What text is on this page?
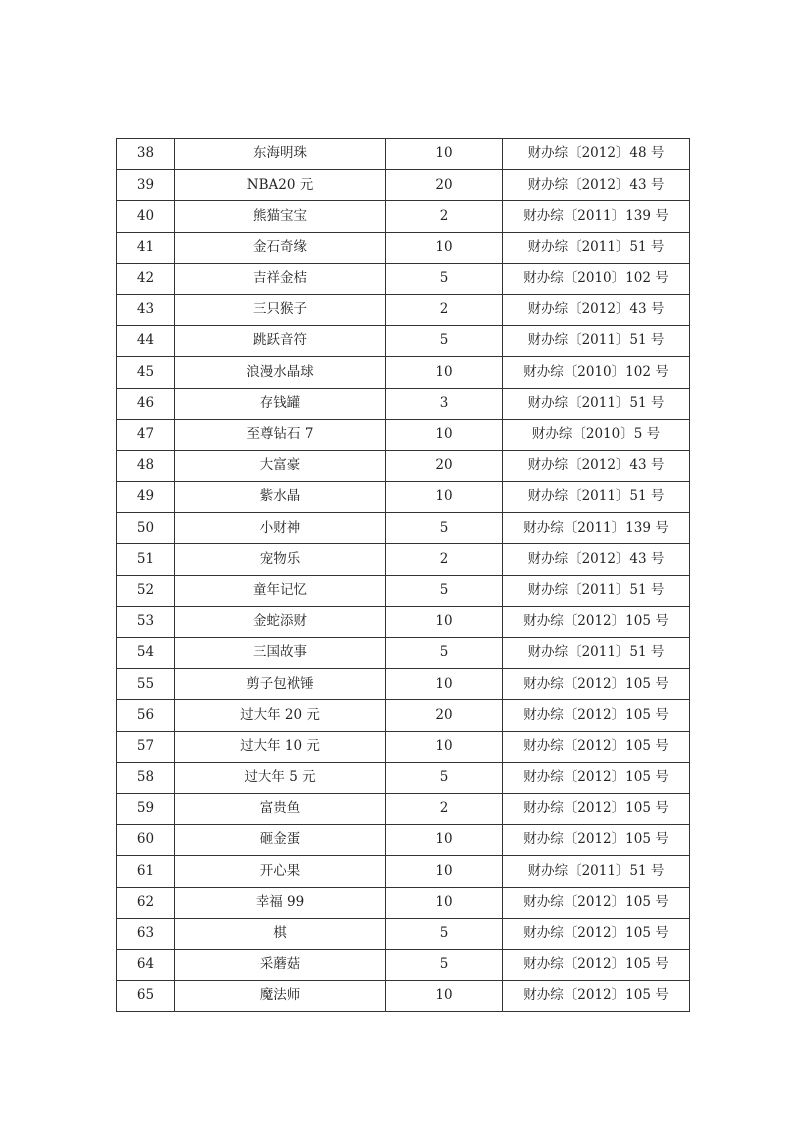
38	东海明珠	10	财办综〔2012〕48 号
39	NBA20 元	20	财办综〔2012〕43 号
40	熊猫宝宝	2	财办综〔2011〕139 号
41	金石奇缘	10	财办综〔2011〕51 号
42	吉祥金桔	5	财办综〔2010〕102 号
43	三只猴子	2	财办综〔2012〕43 号
44	跳跃音符	5	财办综〔2011〕51 号
45	浪漫水晶球	10	财办综〔2010〕102 号
46	存钱罐	3	财办综〔2011〕51 号
47	至尊钻石 7	10	财办综〔2010〕5 号
48	大富豪	20	财办综〔2012〕43 号
49	紫水晶	10	财办综〔2011〕51 号
50	小财神	5	财办综〔2011〕139 号
51	宠物乐	2	财办综〔2012〕43 号
52	童年记忆	5	财办综〔2011〕51 号
53	金蛇添财	10	财办综〔2012〕105 号
54	三国故事	5	财办综〔2011〕51 号
55	剪子包袱锤	10	财办综〔2012〕105 号
56	过大年 20 元	20	财办综〔2012〕105 号
57	过大年 10 元	10	财办综〔2012〕105 号
58	过大年 5 元	5	财办综〔2012〕105 号
59	富贵鱼	2	财办综〔2012〕105 号
60	砸金蛋	10	财办综〔2012〕105 号
61	开心果	10	财办综〔2011〕51 号
62	幸福 99	10	财办综〔2012〕105 号
63	棋	5	财办综〔2012〕105 号
64	采蘑菇	5	财办综〔2012〕105 号
65	魔法师	10	财办综〔2012〕105 号
